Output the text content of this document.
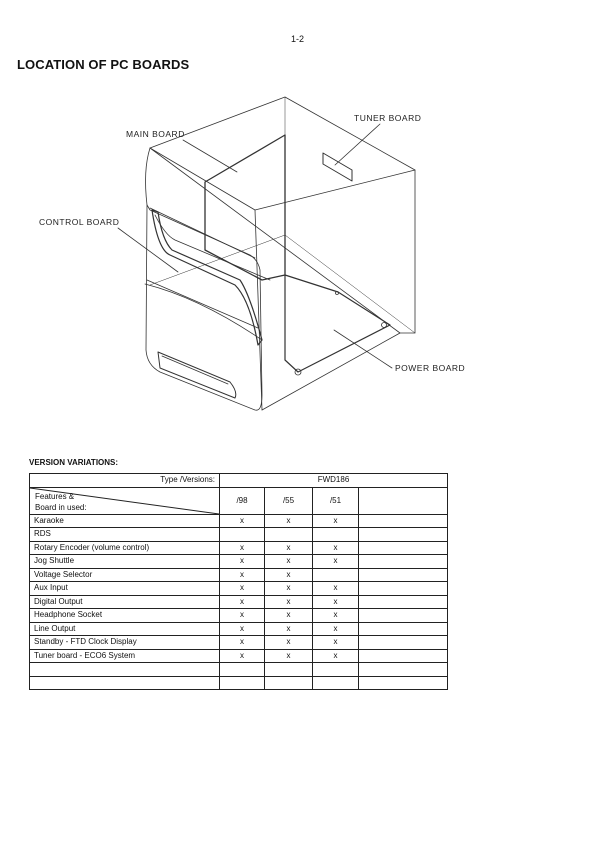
1-2
LOCATION OF PC BOARDS
MAIN BOARD
TUNER BOARD
CONTROL BOARD
POWER BOARD
VERSION VARIATIONS:
Type /Versions:	FWD186			

Features &
Board in used:	/98	/55	/51	
Karaoke	x	x	x	
RDS				
Rotary Encoder (volume control)	x	x	x	
Jog Shuttle	x	x	x	
Voltage Selector	x	x		
Aux Input	x	x	x	
Digital Output	x	x	x	
Headphone Socket	x	x	x	
Line Output	x	x	x	
Standby - FTD Clock Display	x	x	x	
Tuner board - ECO6 System	x	x	x	
